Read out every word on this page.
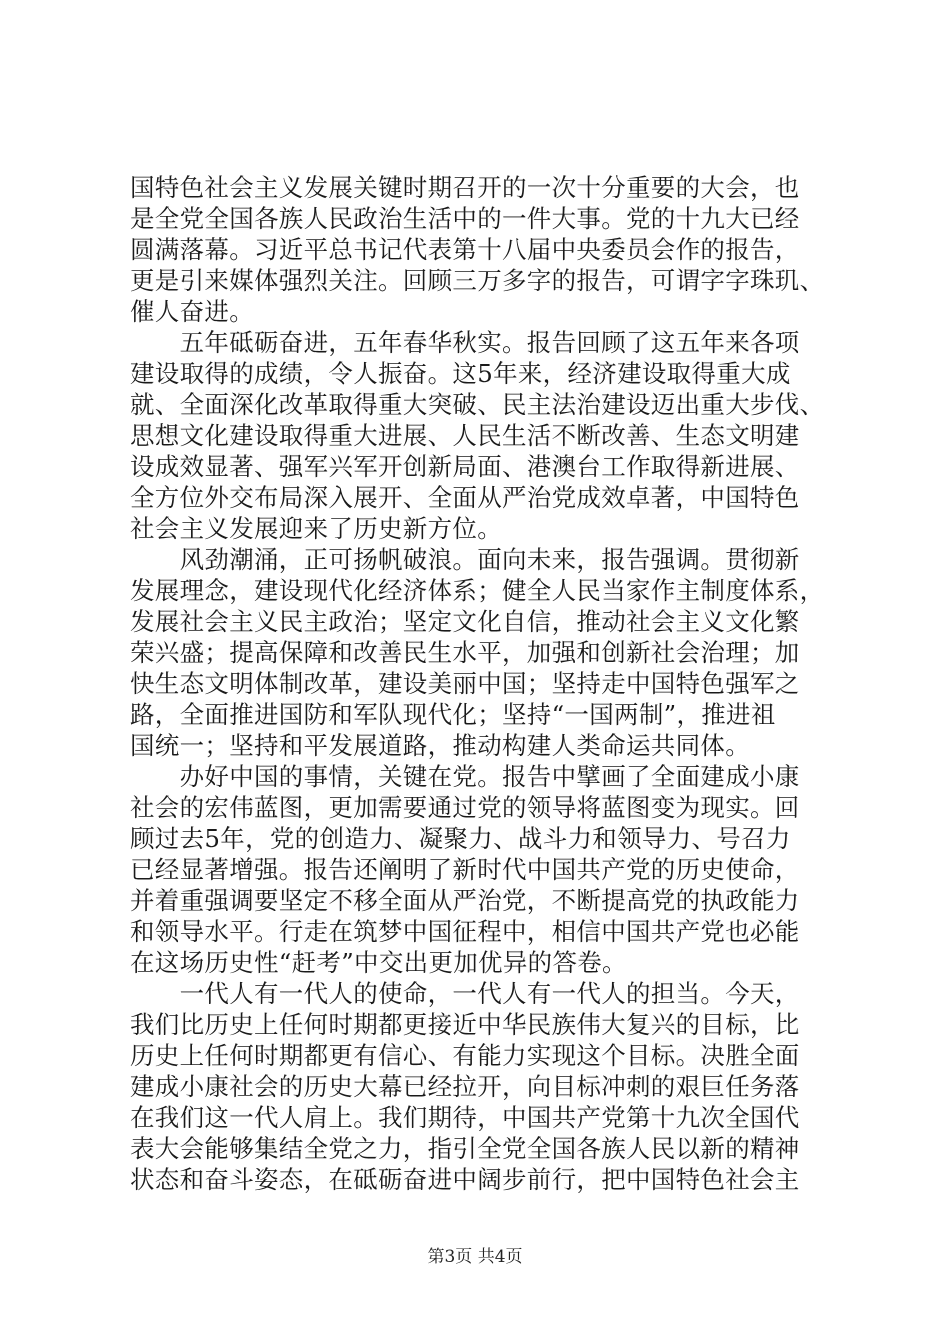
国特色社会主义发展关键时期召开的一次十分重要的大会，也
是全党全国各族人民政治生活中的一件大事。党的十九大已经
圆满落幕。习近平总书记代表第十八届中央委员会作的报告，
更是引来媒体强烈关注。回顾三万多字的报告，可谓字字珠玑、
催人奋进。
　　五年砥砺奋进，五年春华秋实。报告回顾了这五年来各项
建设取得的成绩，令人振奋。这5年来，经济建设取得重大成
就、全面深化改革取得重大突破、民主法治建设迈出重大步伐、
思想文化建设取得重大进展、人民生活不断改善、生态文明建
设成效显著、强军兴军开创新局面、港澳台工作取得新进展、
全方位外交布局深入展开、全面从严治党成效卓著，中国特色
社会主义发展迎来了历史新方位。
　　风劲潮涌，正可扬帆破浪。面向未来，报告强调。贯彻新
发展理念，建设现代化经济体系；健全人民当家作主制度体系，
发展社会主义民主政治；坚定文化自信，推动社会主义文化繁
荣兴盛；提高保障和改善民生水平，加强和创新社会治理；加
快生态文明体制改革，建设美丽中国；坚持走中国特色强军之
路，全面推进国防和军队现代化；坚持“一国两制”，推进祖
国统一；坚持和平发展道路，推动构建人类命运共同体。
　　办好中国的事情，关键在党。报告中擘画了全面建成小康
社会的宏伟蓝图，更加需要通过党的领导将蓝图变为现实。回
顾过去5年，党的创造力、凝聚力、战斗力和领导力、号召力
已经显著增强。报告还阐明了新时代中国共产党的历史使命，
并着重强调要坚定不移全面从严治党，不断提高党的执政能力
和领导水平。行走在筑梦中国征程中，相信中国共产党也必能
在这场历史性“赶考”中交出更加优异的答卷。
　　一代人有一代人的使命，一代人有一代人的担当。今天，
我们比历史上任何时期都更接近中华民族伟大复兴的目标，比
历史上任何时期都更有信心、有能力实现这个目标。决胜全面
建成小康社会的历史大幕已经拉开，向目标冲刺的艰巨任务落
在我们这一代人肩上。我们期待，中国共产党第十九次全国代
表大会能够集结全党之力，指引全党全国各族人民以新的精神
状态和奋斗姿态，在砥砺奋进中阔步前行，把中国特色社会主
第3页 共4页
